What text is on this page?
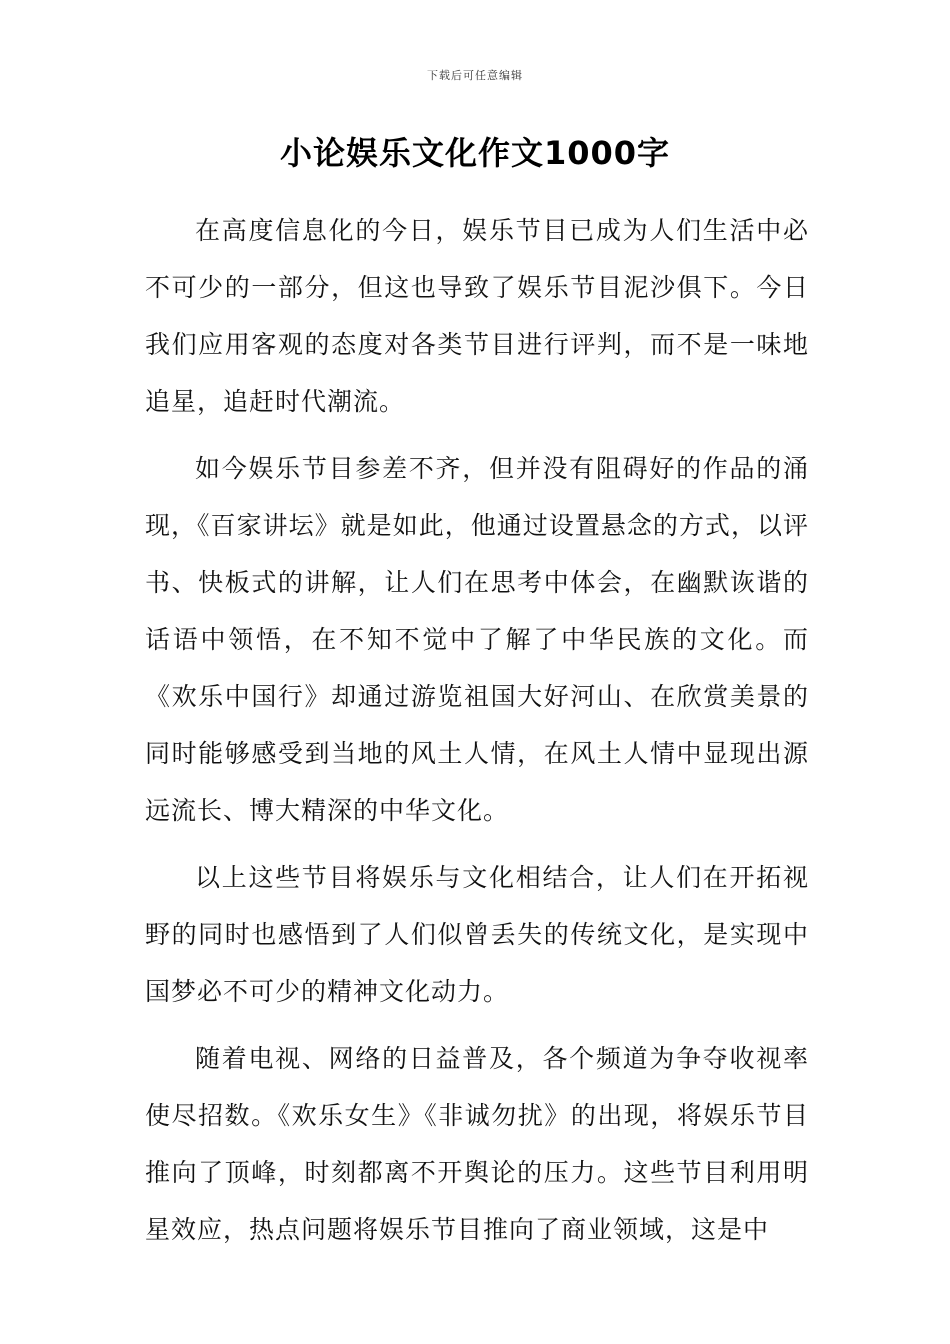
下载后可任意编辑
小论娱乐文化作文1000字

在高度信息化的今日，娱乐节目已成为人们生活中必不可少的一部分，但这也导致了娱乐节目泥沙俱下。今日我们应用客观的态度对各类节目进行评判，而不是一味地追星，追赶时代潮流。

如今娱乐节目参差不齐，但并没有阻碍好的作品的涌现，《百家讲坛》就是如此，他通过设置悬念的方式，以评书、快板式的讲解，让人们在思考中体会，在幽默诙谐的话语中领悟，在不知不觉中了解了中华民族的文化。而《欢乐中国行》却通过游览祖国大好河山、在欣赏美景的同时能够感受到当地的风土人情，在风土人情中显现出源远流长、博大精深的中华文化。

以上这些节目将娱乐与文化相结合，让人们在开拓视野的同时也感悟到了人们似曾丢失的传统文化，是实现中国梦必不可少的精神文化动力。

随着电视、网络的日益普及，各个频道为争夺收视率使尽招数。《欢乐女生》《非诚勿扰》的出现，将娱乐节目推向了顶峰，时刻都离不开舆论的压力。这些节目利用明星效应，热点问题将娱乐节目推向了商业领域，这是中
